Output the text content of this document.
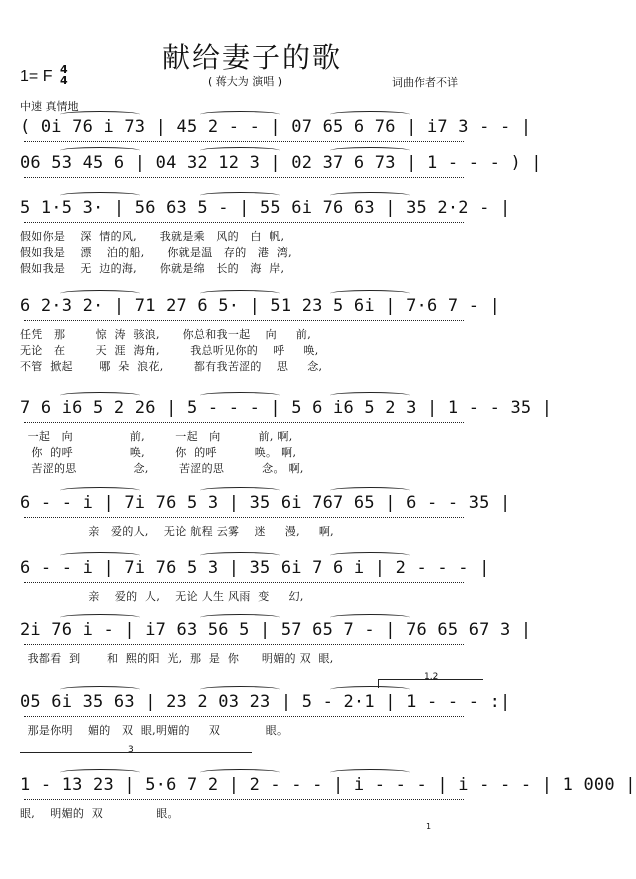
献给妻子的歌
1= F 4
4	( 蒋大为 演唱 )	词曲作者不详
中速 真情地
( 0i 76 i 73 | 45 2 - - | 07 65 6 76 | i7 3 - - |
06 53 45 6 | 04 32 12 3 | 02 37 6 73 | 1 - - - ) |
5 1·5 3· | 56 63 5 - | 55 6i 76 63 | 35 2·2 - |
假如你是    深  情的风,      我就是乘   风的   白  帆,
假如我是    漂    泊的船,      你就是温   存的   港  湾,
假如我是    无  边的海,      你就是绵   长的   海  岸,
6 2·3 2· | 71 27 6 5· | 51 23 5 6i | 7·6 7 - |
任凭   那        惊  涛  骇浪,      你总和我一起    向     前,
无论   在        天  涯  海角,        我总听见你的    呼     唤,
不管  掀起       哪  朵  浪花,        都有我苦涩的    思     念,
7 6 i6 5 2 26 | 5 - - - | 5 6 i6 5 2 3 | 1 - - 35 |
一起   向               前,        一起   向          前, 啊,
你  的呼               唤,        你  的呼          唤。 啊,
苦涩的思               念,        苦涩的思          念。 啊,
6 - - i | 7i 76 5 3 | 35 6i 767 65 | 6 - - 35 |
亲   爱的人,    无论 航程 云雾    迷     漫,     啊,
6 - - i | 7i 76 5 3 | 35 6i 7 6 i | 2 - - - |
亲    爱的  人,    无论 人生 风雨  变     幻,
2i 76 i - | i7 63 56 5 | 57 65 7 - | 76 65 67 3 |
我都看  到       和  熙的阳  光,  那  是  你      明媚的 双  眼,
05 6i 35 63 | 23 2 03 23 | 5 - 2·1 | 1 - - - :|
那是你明    媚的   双  眼,明媚的     双            眼。
1 - 13 23 | 5·6 7 2 | 2 - - - | i - - - | i - - - | 1 000 |
眼,    明媚的  双              眼。
1.2
3
1
